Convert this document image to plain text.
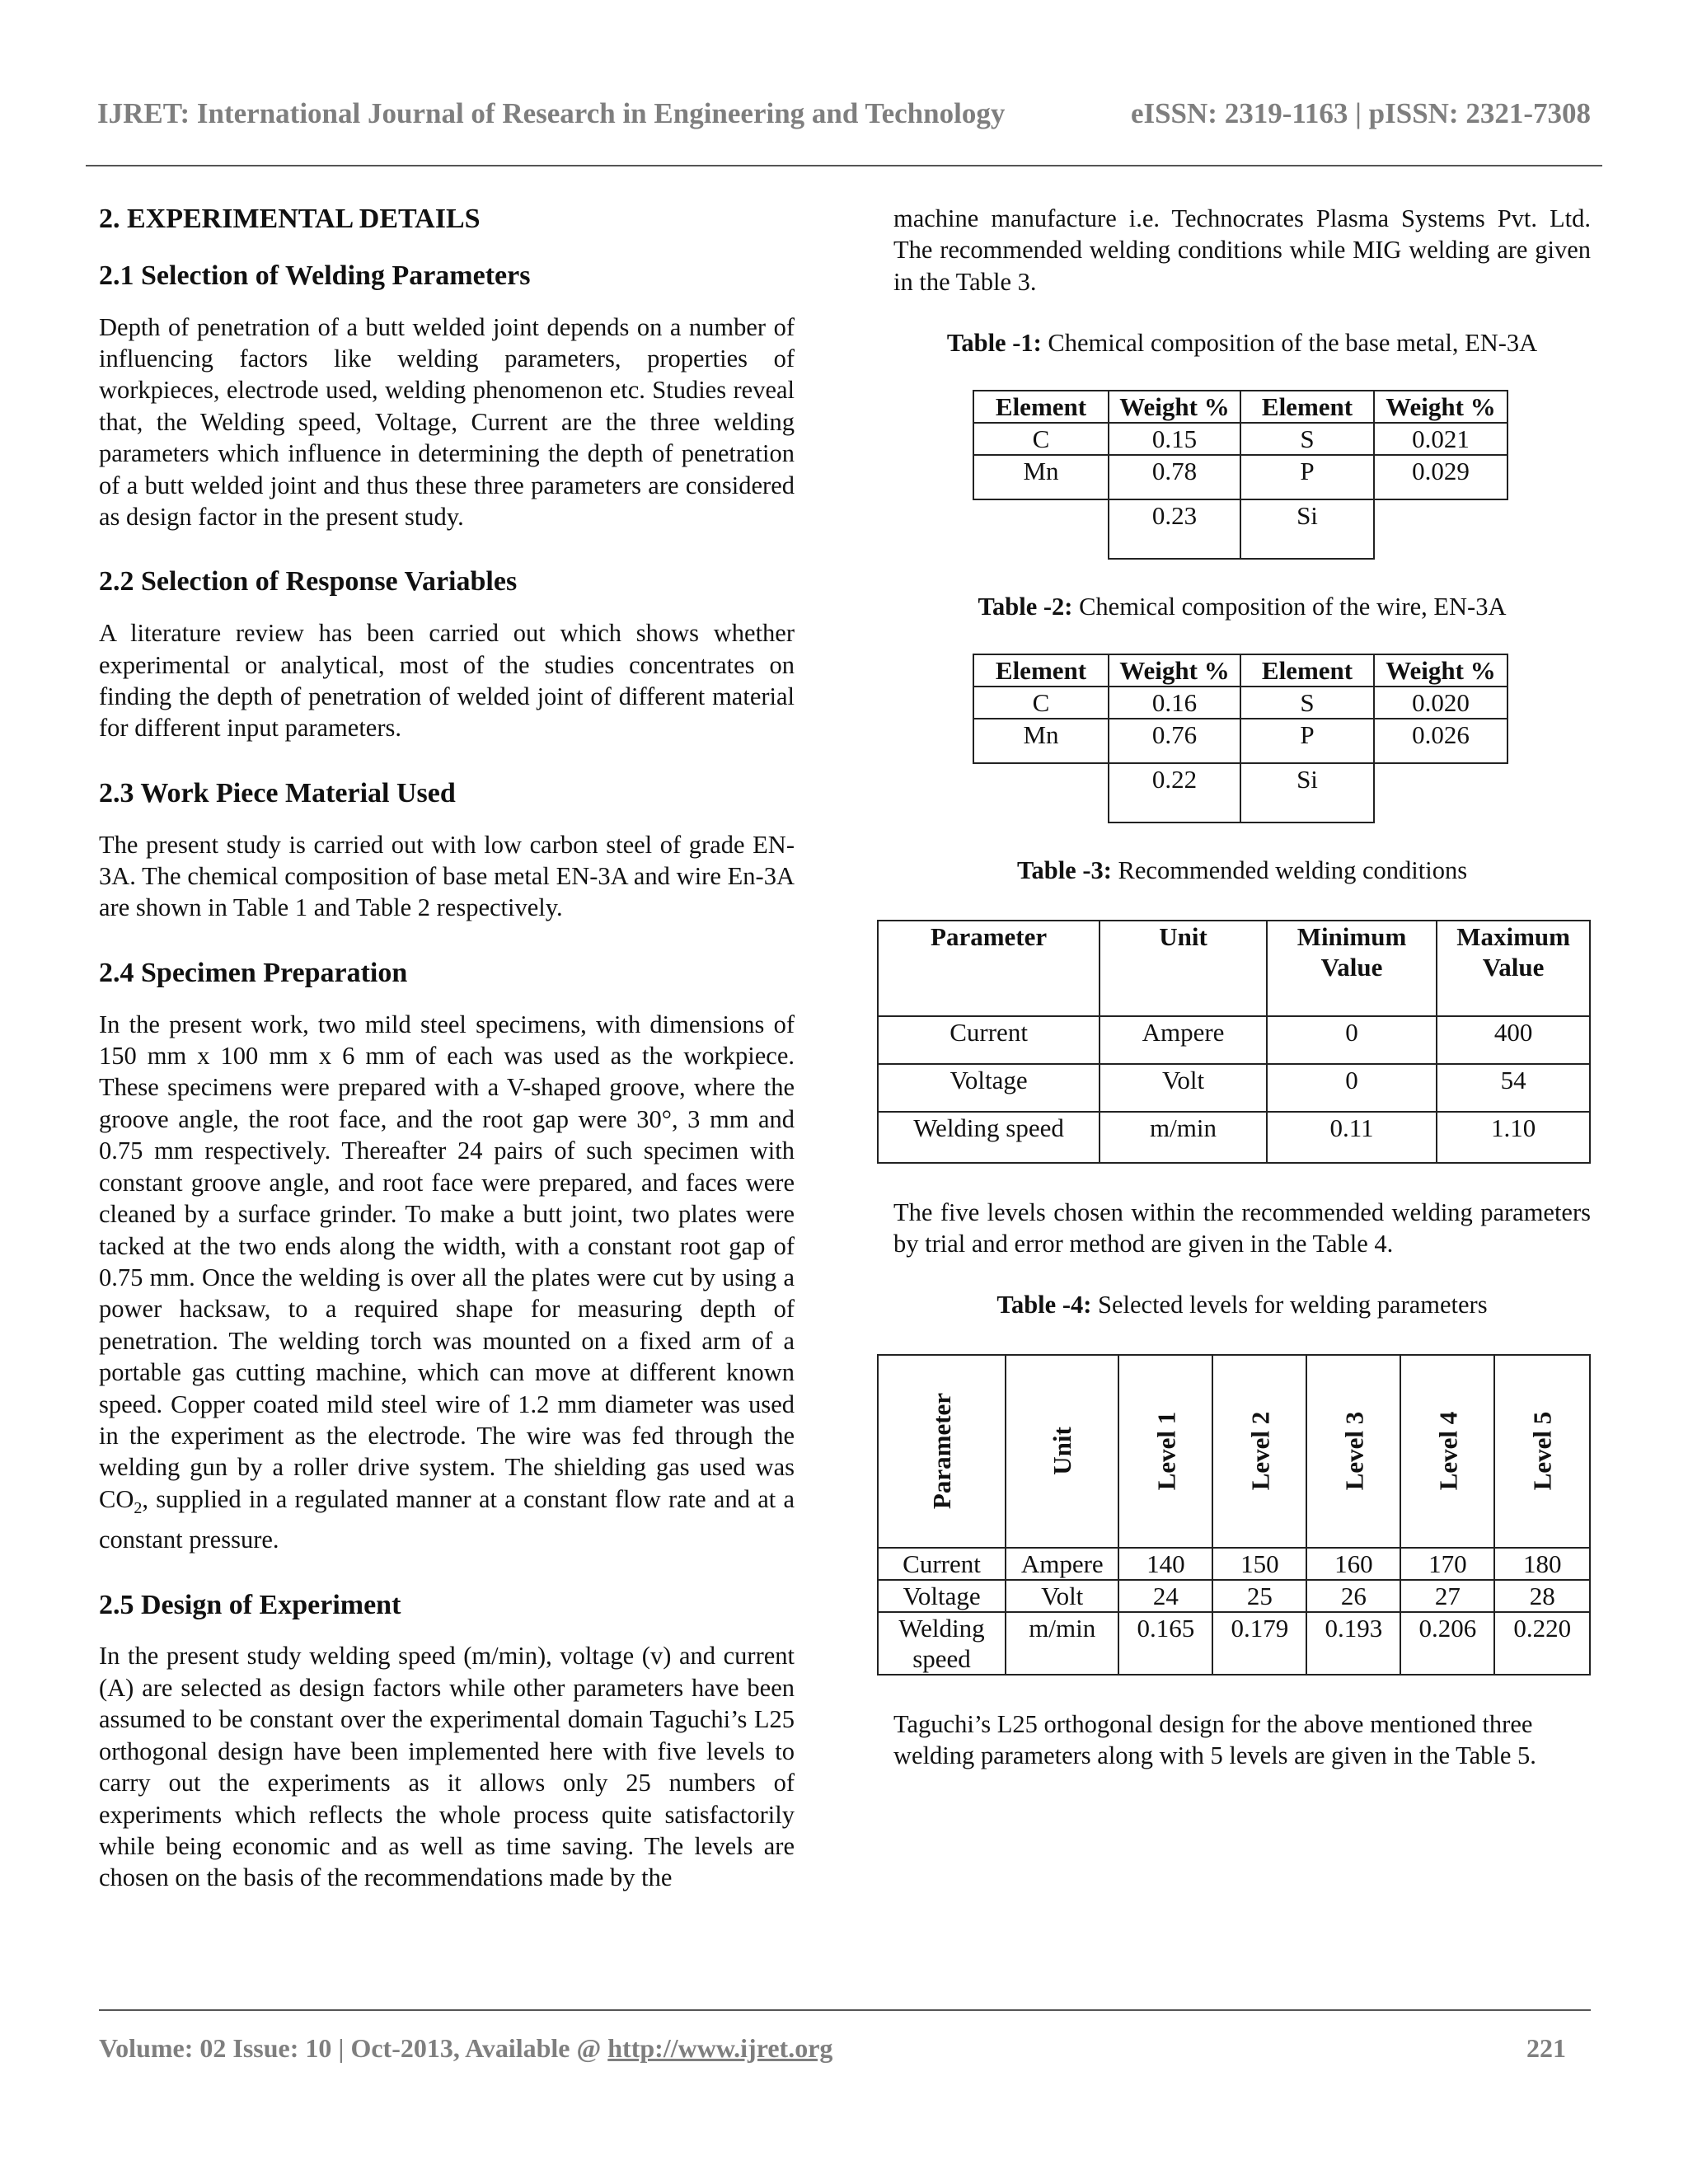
IJRET: International Journal of Research in Engineering and Technology	eISSN: 2319-1163 | pISSN: 2321-7308
2. EXPERIMENTAL DETAILS
2.1 Selection of Welding Parameters

Depth of penetration of a butt welded joint depends on a number of influencing factors like welding parameters, properties of workpieces, electrode used, welding phenomenon etc. Studies reveal that, the Welding speed, Voltage, Current are the three welding parameters which influence in determining the depth of penetration of a butt welded joint and thus these three parameters are considered as design factor in the present study.

2.2 Selection of Response Variables

A literature review has been carried out which shows whether experimental or analytical, most of the studies concentrates on finding the depth of penetration of welded joint of different material for different input parameters.

2.3 Work Piece Material Used

The present study is carried out with low carbon steel of grade EN-3A. The chemical composition of base metal EN-3A and wire En-3A are shown in Table 1 and Table 2 respectively.

2.4 Specimen Preparation

In the present work, two mild steel specimens, with dimensions of 150 mm x 100 mm x 6 mm of each was used as the workpiece. These specimens were prepared with a V-shaped groove, where the groove angle, the root face, and the root gap were 30°, 3 mm and 0.75 mm respectively. Thereafter 24 pairs of such specimen with constant groove angle, and root face were prepared, and faces were cleaned by a surface grinder. To make a butt joint, two plates were tacked at the two ends along the width, with a constant root gap of 0.75 mm. Once the welding is over all the plates were cut by using a power hacksaw, to a required shape for measuring depth of penetration. The welding torch was mounted on a fixed arm of a portable gas cutting machine, which can move at different known speed. Copper coated mild steel wire of 1.2 mm diameter was used in the experiment as the electrode. The wire was fed through the welding gun by a roller drive system. The shielding gas used was $CO_2$, supplied in a regulated manner at a constant flow rate and at a constant pressure.

2.5 Design of Experiment

In the present study welding speed (m/min), voltage (v) and current (A) are selected as design factors while other parameters have been assumed to be constant over the experimental domain Taguchi’s L25 orthogonal design have been implemented here with five levels to carry out the experiments as it allows only 25 numbers of experiments which reflects the whole process quite satisfactorily while being economic and as well as time saving. The levels are chosen on the basis of the recommendations made by the

machine manufacture i.e. Technocrates Plasma Systems Pvt. Ltd. The recommended welding conditions while MIG welding are given in the Table 3.

Table -1: Chemical composition of the base metal, EN-3A

Element	Weight %	Element	Weight %
C	0.15	S	0.021
Mn	0.78	P	0.029
	0.23	Si	

Table -2: Chemical composition of the wire, EN-3A

Element	Weight %	Element	Weight %
C	0.16	S	0.020
Mn	0.76	P	0.026
	0.22	Si	

Table -3: Recommended welding conditions

Parameter	Unit	Minimum Value	Maximum Value
Current	Ampere	0	400
Voltage	Volt	0	54
Welding speed	m/min	0.11	1.10

The five levels chosen within the recommended welding parameters by trial and error method are given in the Table 4.

Table -4: Selected levels for welding parameters

Parameter	Unit	Level 1	Level 2	Level 3	Level 4	Level 5
Current	Ampere	140	150	160	170	180
Voltage	Volt	24	25	26	27	28
Welding speed	m/min	0.165	0.179	0.193	0.206	0.220

Taguchi’s L25 orthogonal design for the above mentioned three welding parameters along with 5 levels are given in the Table 5.

Volume: 02 Issue: 10 | Oct-2013, Available @ http://www.ijret.org	221
